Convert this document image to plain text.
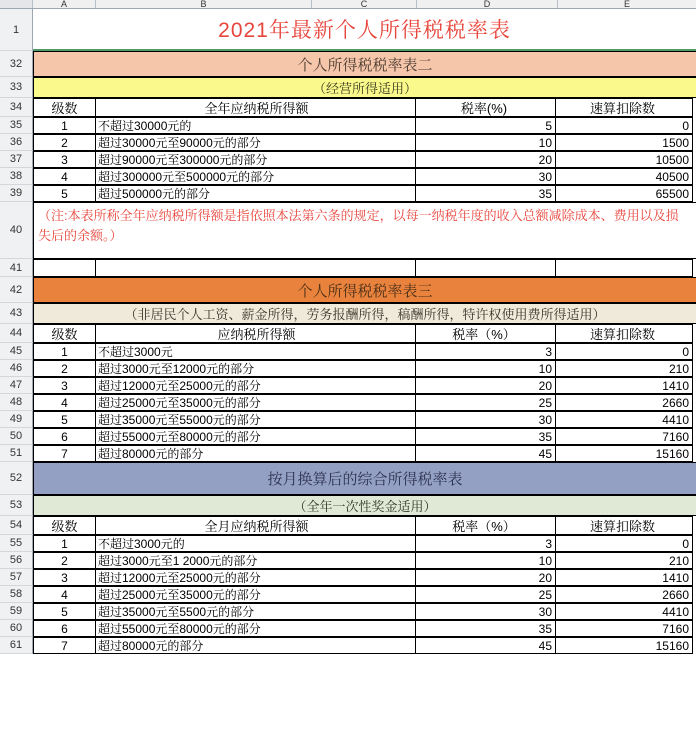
A	B	C	D	E
1	2021年最新个人所得税税率表
32	个人所得税税率表二
33	（经营所得适用）
34	级数	全年应纳税所得额	税率(%)	速算扣除数
35	1	不超过30000元的	5	0
36	2	超过30000元至90000元的部分	10	1500
37	3	超过90000元至300000元的部分	20	10500
38	4	超过300000元至500000元的部分	30	40500
39	5	超过500000元的部分	35	65500
40
（注:本表所称全年应纳税所得额是指依照本法第六条的规定，以每一纳税年度的收入总额减除成本、费用以及损失后的余额。）
41
42	个人所得税税率表三
43	（非居民个人工资、薪金所得，劳务报酬所得，稿酬所得，特许权使用费所得适用）
44	级数	应纳税所得额	税率（%）	速算扣除数
45	1	不超过3000元	3	0
46	2	超过3000元至12000元的部分	10	210
47	3	超过12000元至25000元的部分	20	1410
48	4	超过25000元至35000元的部分	25	2660
49	5	超过35000元至55000元的部分	30	4410
50	6	超过55000元至80000元的部分	35	7160
51	7	超过80000元的部分	45	15160
52	按月换算后的综合所得税率表
53	（全年一次性奖金适用）
54	级数	全月应纳税所得额	税率（%）	速算扣除数
55	1	不超过3000元的	3	0
56	2	超过3000元至1 2000元的部分	10	210
57	3	超过12000元至25000元的部分	20	1410
58	4	超过25000元至35000元的部分	25	2660
59	5	超过35000元至5500元的部分	30	4410
60	6	超过55000元至80000元的部分	35	7160
61	7	超过80000元的部分	45	15160
